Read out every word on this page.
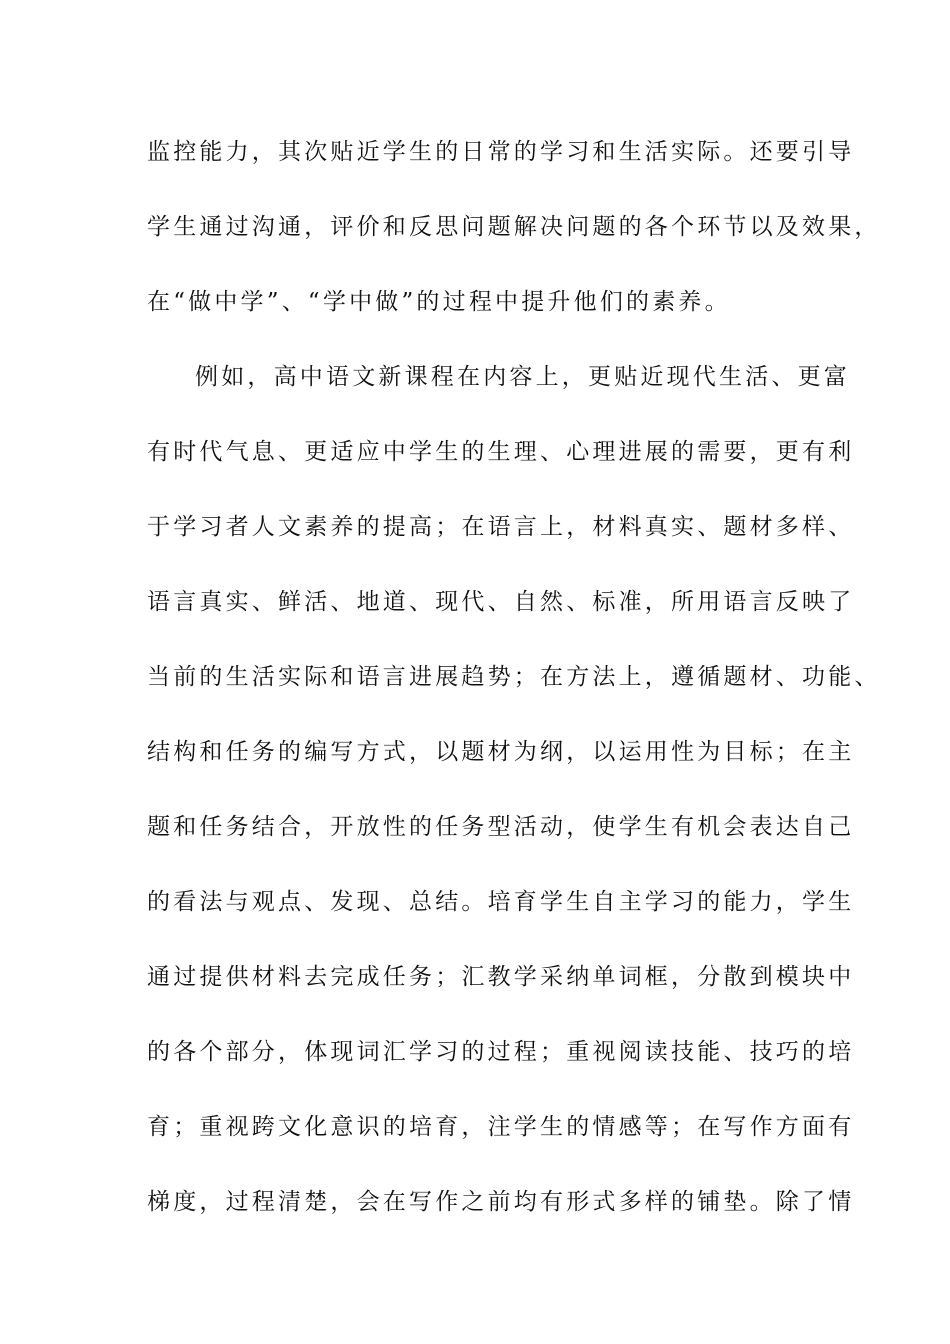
监控能力，其次贴近学生的日常的学习和生活实际。还要引导
学生通过沟通，评价和反思问题解决问题的各个环节以及效果，
在“做中学”、“学中做”的过程中提升他们的素养。
例如，高中语文新课程在内容上，更贴近现代生活、更富
有时代气息、更适应中学生的生理、心理进展的需要，更有利
于学习者人文素养的提高；在语言上，材料真实、题材多样、
语言真实、鲜活、地道、现代、自然、标准，所用语言反映了
当前的生活实际和语言进展趋势；在方法上，遵循题材、功能、
结构和任务的编写方式，以题材为纲，以运用性为目标；在主
题和任务结合，开放性的任务型活动，使学生有机会表达自己
的看法与观点、发现、总结。培育学生自主学习的能力，学生
通过提供材料去完成任务；汇教学采纳单词框，分散到模块中
的各个部分，体现词汇学习的过程；重视阅读技能、技巧的培
育；重视跨文化意识的培育，注学生的情感等；在写作方面有
梯度，过程清楚，会在写作之前均有形式多样的铺垫。除了情
